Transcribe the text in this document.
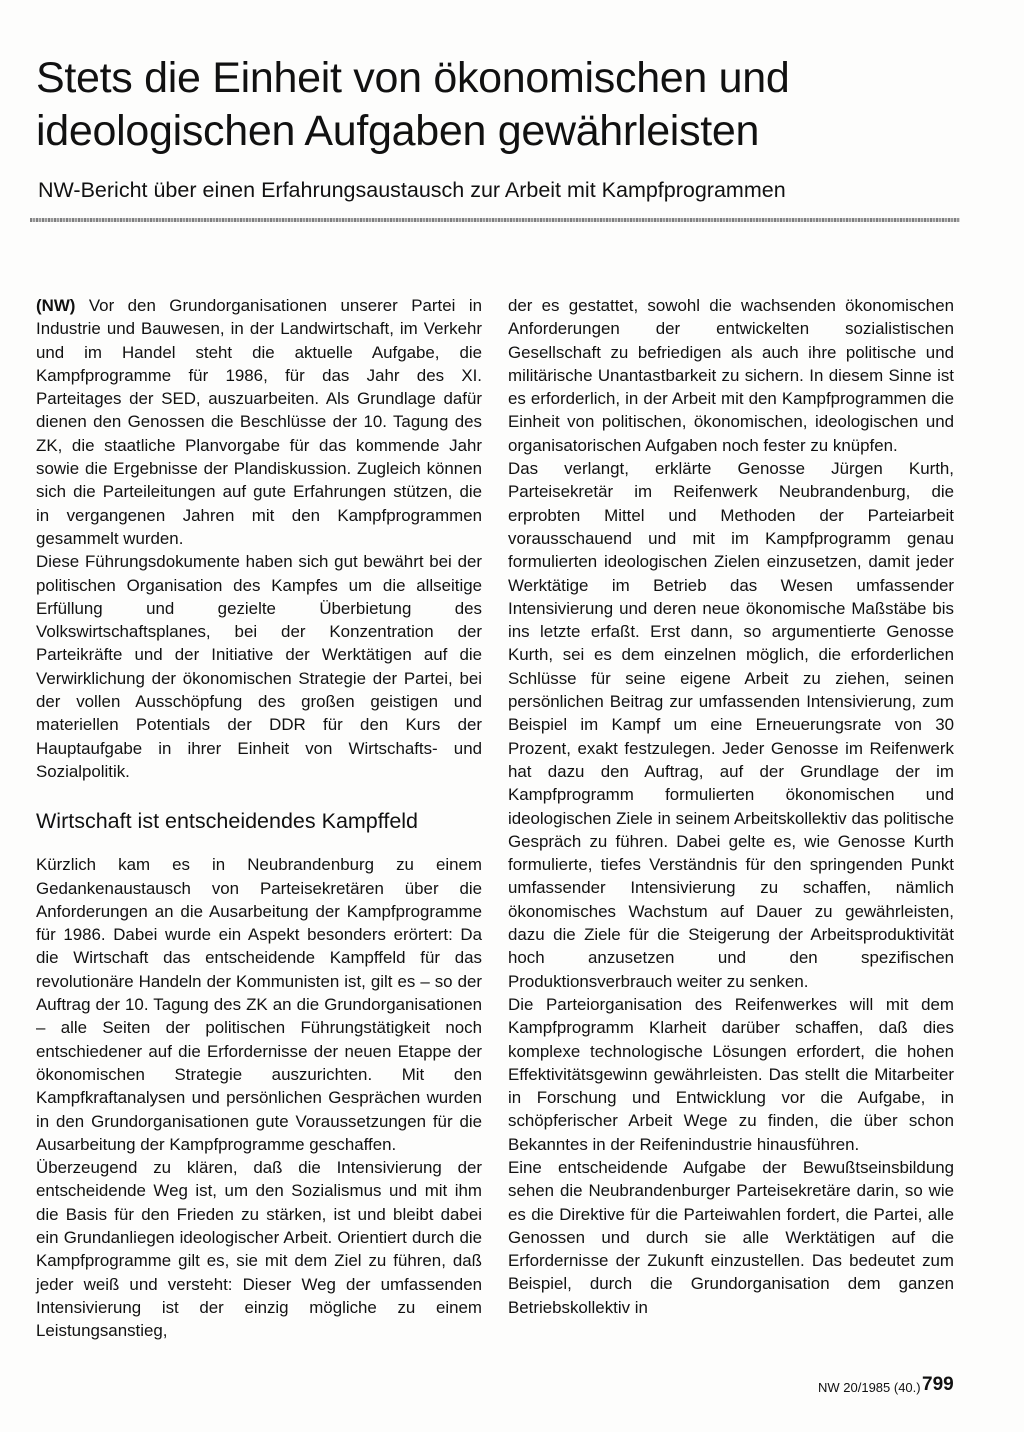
Stets die Einheit von ökonomischen und
ideologischen Aufgaben gewährleisten
NW-Bericht über einen Erfahrungsaustausch zur Arbeit mit Kampfprogrammen

(NW) Vor den Grundorganisationen unserer Partei in Industrie und Bauwesen, in der Landwirtschaft, im Verkehr und im Handel steht die aktuelle Aufgabe, die Kampfprogramme für 1986, für das Jahr des XI. Parteitages der SED, auszuarbeiten. Als Grundlage dafür dienen den Genossen die Beschlüsse der 10. Tagung des ZK, die staatliche Planvorgabe für das kommende Jahr sowie die Ergebnisse der Plandiskussion. Zugleich können sich die Parteileitungen auf gute Erfahrungen stützen, die in vergangenen Jahren mit den Kampfprogrammen gesammelt wurden.

Diese Führungsdokumente haben sich gut bewährt bei der politischen Organisation des Kampfes um die allseitige Erfüllung und gezielte Überbietung des Volkswirtschaftsplanes, bei der Konzentration der Parteikräfte und der Initiative der Werktätigen auf die Verwirklichung der ökonomischen Strategie der Partei, bei der vollen Ausschöpfung des großen geistigen und materiellen Potentials der DDR für den Kurs der Hauptaufgabe in ihrer Einheit von Wirtschafts- und Sozialpolitik.

Wirtschaft ist entscheidendes Kampffeld

Kürzlich kam es in Neubrandenburg zu einem Gedankenaustausch von Parteisekretären über die Anforderungen an die Ausarbeitung der Kampfprogramme für 1986. Dabei wurde ein Aspekt besonders erörtert: Da die Wirtschaft das entscheidende Kampffeld für das revolutionäre Handeln der Kommunisten ist, gilt es – so der Auftrag der 10. Tagung des ZK an die Grundorganisationen – alle Seiten der politischen Führungstätigkeit noch entschiedener auf die Erfordernisse der neuen Etappe der ökonomischen Strategie auszurichten. Mit den Kampfkraftanalysen und persönlichen Gesprächen wurden in den Grundorganisationen gute Voraussetzungen für die Ausarbeitung der Kampfprogramme geschaffen.

Überzeugend zu klären, daß die Intensivierung der entscheidende Weg ist, um den Sozialismus und mit ihm die Basis für den Frieden zu stärken, ist und bleibt dabei ein Grundanliegen ideologischer Arbeit. Orientiert durch die Kampfprogramme gilt es, sie mit dem Ziel zu führen, daß jeder weiß und versteht: Dieser Weg der umfassenden Intensivierung ist der einzig mögliche zu einem Leistungsanstieg,

der es gestattet, sowohl die wachsenden ökonomischen Anforderungen der entwickelten sozialistischen Gesellschaft zu befriedigen als auch ihre politische und militärische Unantastbarkeit zu sichern. In diesem Sinne ist es erforderlich, in der Arbeit mit den Kampfprogrammen die Einheit von politischen, ökonomischen, ideologischen und organisatorischen Aufgaben noch fester zu knüpfen.

Das verlangt, erklärte Genosse Jürgen Kurth, Parteisekretär im Reifenwerk Neubrandenburg, die erprobten Mittel und Methoden der Parteiarbeit vorausschauend und mit im Kampfprogramm genau formulierten ideologischen Zielen einzusetzen, damit jeder Werktätige im Betrieb das Wesen umfassender Intensivierung und deren neue ökonomische Maßstäbe bis ins letzte erfaßt. Erst dann, so argumentierte Genosse Kurth, sei es dem einzelnen möglich, die erforderlichen Schlüsse für seine eigene Arbeit zu ziehen, seinen persönlichen Beitrag zur umfassenden Intensivierung, zum Beispiel im Kampf um eine Erneuerungsrate von 30 Prozent, exakt festzulegen. Jeder Genosse im Reifenwerk hat dazu den Auftrag, auf der Grundlage der im Kampfprogramm formulierten ökonomischen und ideologischen Ziele in seinem Arbeitskollektiv das politische Gespräch zu führen. Dabei gelte es, wie Genosse Kurth formulierte, tiefes Verständnis für den springenden Punkt umfassender Intensivierung zu schaffen, nämlich ökonomisches Wachstum auf Dauer zu gewährleisten, dazu die Ziele für die Steigerung der Arbeitsproduktivität hoch anzusetzen und den spezifischen Produktionsverbrauch weiter zu senken.

Die Parteiorganisation des Reifenwerkes will mit dem Kampfprogramm Klarheit darüber schaffen, daß dies komplexe technologische Lösungen erfordert, die hohen Effektivitätsgewinn gewährleisten. Das stellt die Mitarbeiter in Forschung und Entwicklung vor die Aufgabe, in schöpferischer Arbeit Wege zu finden, die über schon Bekanntes in der Reifenindustrie hinausführen.

Eine entscheidende Aufgabe der Bewußtseinsbildung sehen die Neubrandenburger Parteisekretäre darin, so wie es die Direktive für die Parteiwahlen fordert, die Partei, alle Genossen und durch sie alle Werktätigen auf die Erfordernisse der Zukunft einzustellen. Das bedeutet zum Beispiel, durch die Grundorganisation dem ganzen Betriebskollektiv in

NW 20/1985 (40.) 799
